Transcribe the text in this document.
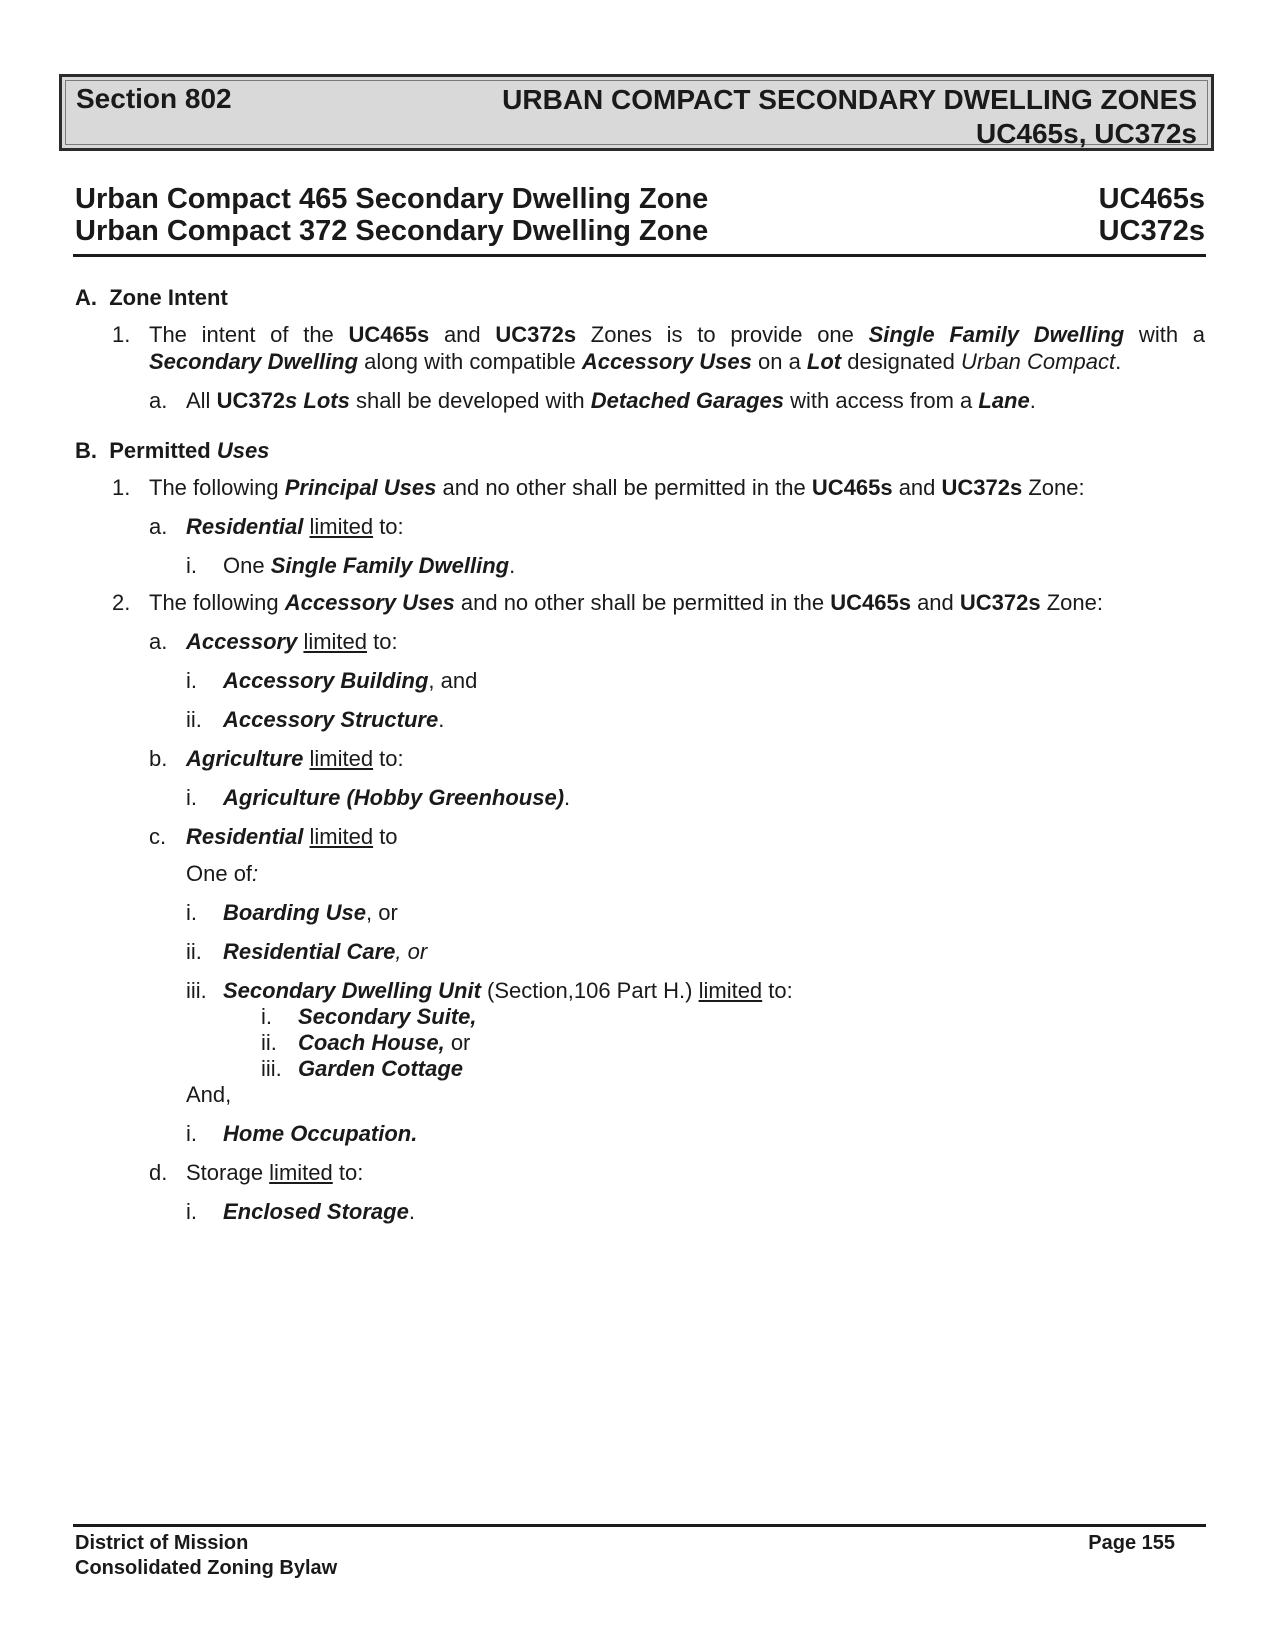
Section 802	URBAN COMPACT SECONDARY DWELLING ZONES
UC465s, UC372s
Urban Compact 465 Secondary Dwelling Zone	UC465s
Urban Compact 372 Secondary Dwelling Zone	UC372s
A. Zone Intent
1. The intent of the UC465s and UC372s Zones is to provide one Single Family Dwelling with a
Secondary Dwelling along with compatible Accessory Uses on a Lot designated Urban Compact.
a. All UC372s Lots shall be developed with Detached Garages with access from a Lane.
B. Permitted Uses
1. The following Principal Uses and no other shall be permitted in the UC465s and UC372s Zone:
a. Residential limited to:
i. One Single Family Dwelling.
2. The following Accessory Uses and no other shall be permitted in the UC465s and UC372s Zone:
a. Accessory limited to:
i. Accessory Building, and
ii. Accessory Structure.
b. Agriculture limited to:
i. Agriculture (Hobby Greenhouse).
c. Residential limited to
One of:
i. Boarding Use, or
ii. Residential Care, or
iii. Secondary Dwelling Unit (Section,106 Part H.) limited to:
i. Secondary Suite,
ii. Coach House, or
iii. Garden Cottage
And,
i. Home Occupation.
d. Storage limited to:
i. Enclosed Storage.
District of Mission
Consolidated Zoning Bylaw
Page 155
